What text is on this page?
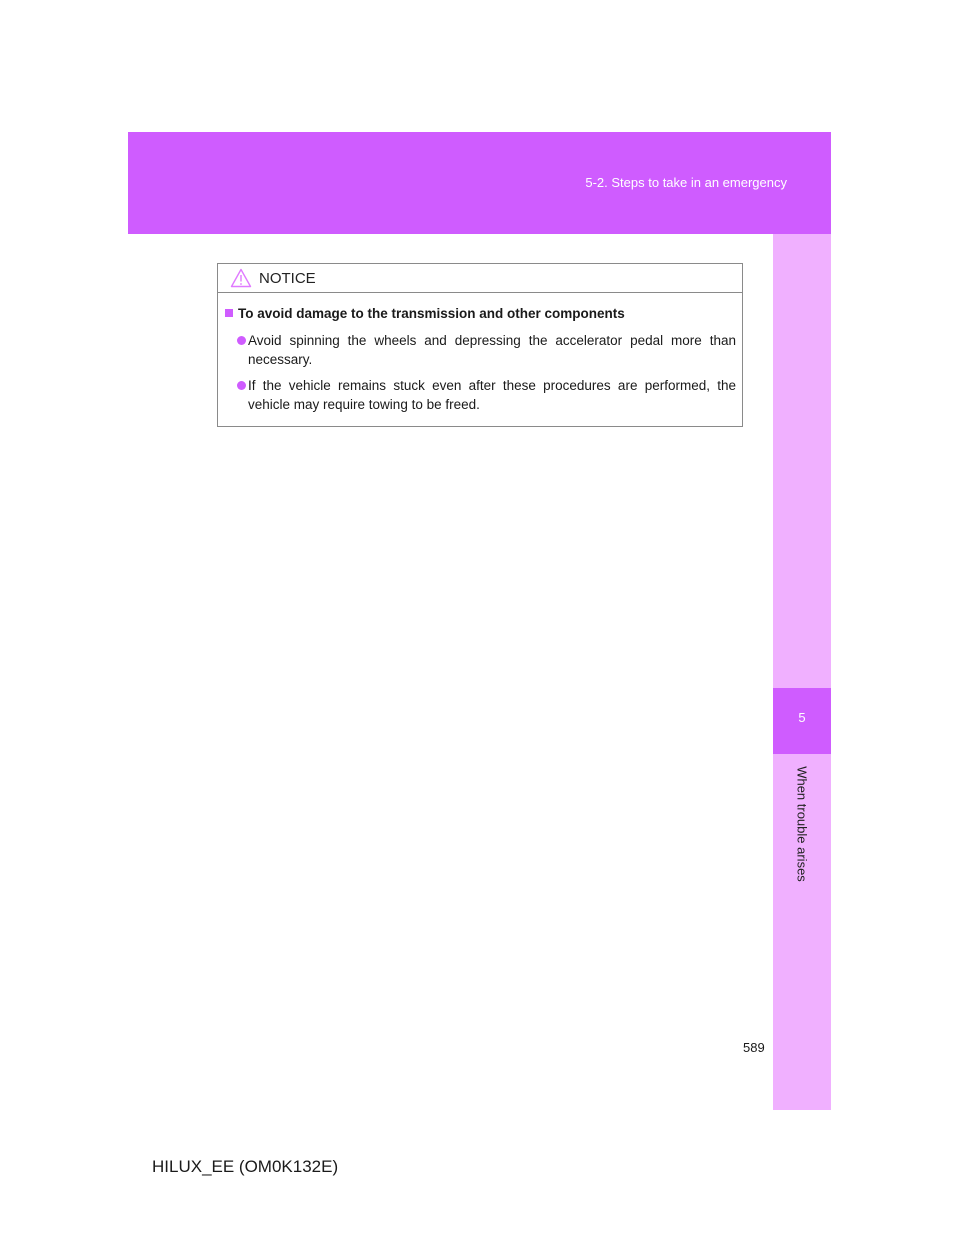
5-2. Steps to take in an emergency
5
When trouble arises
NOTICE

To avoid damage to the transmission and other components

Avoid spinning the wheels and depressing the accelerator pedal more than necessary.

If the vehicle remains stuck even after these procedures are performed, the vehicle may require towing to be freed.

589
HILUX_EE (OM0K132E)
